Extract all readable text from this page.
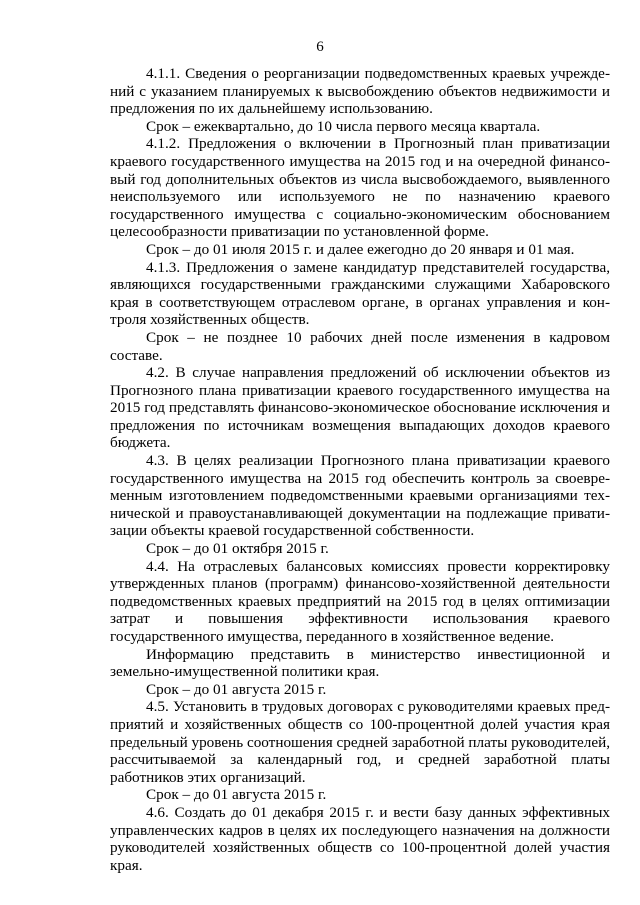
6

4.1.1. Сведения о реорганизации подведомственных краевых учреждений с указанием планируемых к высвобождению объектов недвижимости и предложения по их дальнейшему использованию.

Срок – ежеквартально, до 10 числа первого месяца квартала.

4.1.2. Предложения о включении в Прогнозный план приватизации краевого государственного имущества на 2015 год и на очередной финансовый год дополнительных объектов из числа высвобождаемого, выявленного неиспользуемого или используемого не по назначению краевого государственного имущества с социально-экономическим обоснованием целесообразности приватизации по установленной форме.

Срок – до 01 июля 2015 г. и далее ежегодно до 20 января и 01 мая.

4.1.3. Предложения о замене кандидатур представителей государства, являющихся государственными гражданскими служащими Хабаровского края в соответствующем отраслевом органе, в органах управления и контроля хозяйственных обществ.

Срок – не позднее 10 рабочих дней после изменения в кадровом составе.

4.2. В случае направления предложений об исключении объектов из Прогнозного плана приватизации краевого государственного имущества на 2015 год представлять финансово-экономическое обоснование исключения и предложения по источникам возмещения выпадающих доходов краевого бюджета.

4.3. В целях реализации Прогнозного плана приватизации краевого государственного имущества на 2015 год обеспечить контроль за своевременным изготовлением подведомственными краевыми организациями технической и правоустанавливающей документации на подлежащие приватизации объекты краевой государственной собственности.

Срок – до 01 октября 2015 г.

4.4. На отраслевых балансовых комиссиях провести корректировку утвержденных планов (программ) финансово-хозяйственной деятельности подведомственных краевых предприятий на 2015 год в целях оптимизации затрат и повышения эффективности использования краевого государственного имущества, переданного в хозяйственное ведение.

Информацию представить в министерство инвестиционной и земельно-имущественной политики края.

Срок – до 01 августа 2015 г.

4.5. Установить в трудовых договорах с руководителями краевых предприятий и хозяйственных обществ со 100-процентной долей участия края предельный уровень соотношения средней заработной платы руководителей, рассчитываемой за календарный год, и средней заработной платы работников этих организаций.

Срок – до 01 августа 2015 г.

4.6. Создать до 01 декабря 2015 г. и вести базу данных эффективных управленческих кадров в целях их последующего назначения на должности руководителей хозяйственных обществ со 100-процентной долей участия края.
